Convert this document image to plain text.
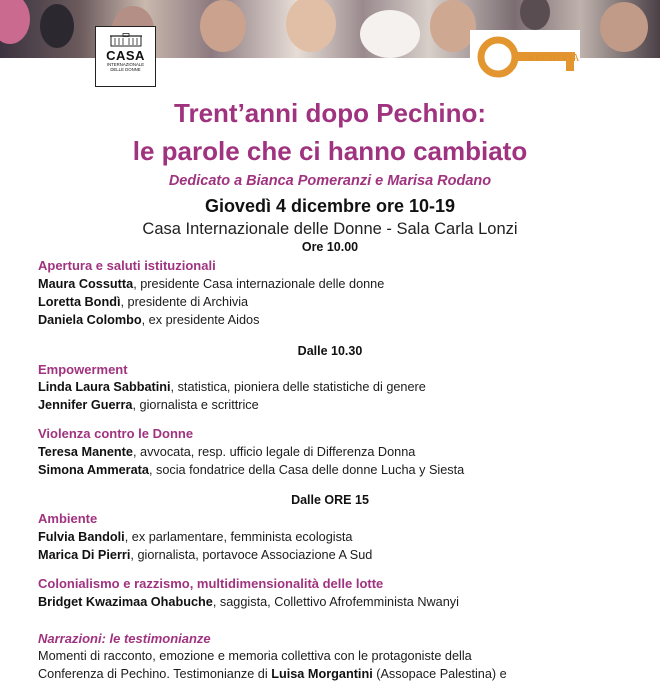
CASA
INTERNAZIONALE
DELLE DONNE
ARCHIVIA
Trent’anni dopo Pechino:
le parole che ci hanno cambiato
Dedicato a Bianca Pomeranzi e Marisa Rodano
Giovedì 4 dicembre ore 10-19
Casa Internazionale delle Donne - Sala Carla Lonzi
Ore 10.00
Apertura e saluti istituzionali
Maura Cossutta, presidente Casa internazionale delle donne
Loretta Bondì, presidente di Archivia
Daniela Colombo, ex presidente Aidos
Dalle 10.30
Empowerment
Linda Laura Sabbatini, statistica, pioniera delle statistiche di genere
Jennifer Guerra, giornalista e scrittrice
Violenza contro le Donne
Teresa Manente, avvocata, resp. ufficio legale di Differenza Donna
Simona Ammerata, socia fondatrice della Casa delle donne Lucha y Siesta
Dalle ORE 15
Ambiente
Fulvia Bandoli, ex parlamentare, femminista ecologista
Marica Di Pierri, giornalista, portavoce Associazione A Sud
Colonialismo e razzismo, multidimensionalità delle lotte
Bridget Kwazimaa Ohabuche, saggista, Collettivo Afrofemminista Nwanyi
Narrazioni: le testimonianze
Momenti di racconto, emozione e memoria collettiva con le protagoniste della
Conferenza di Pechino. Testimonianze di Luisa Morgantini (Assopace Palestina) e
